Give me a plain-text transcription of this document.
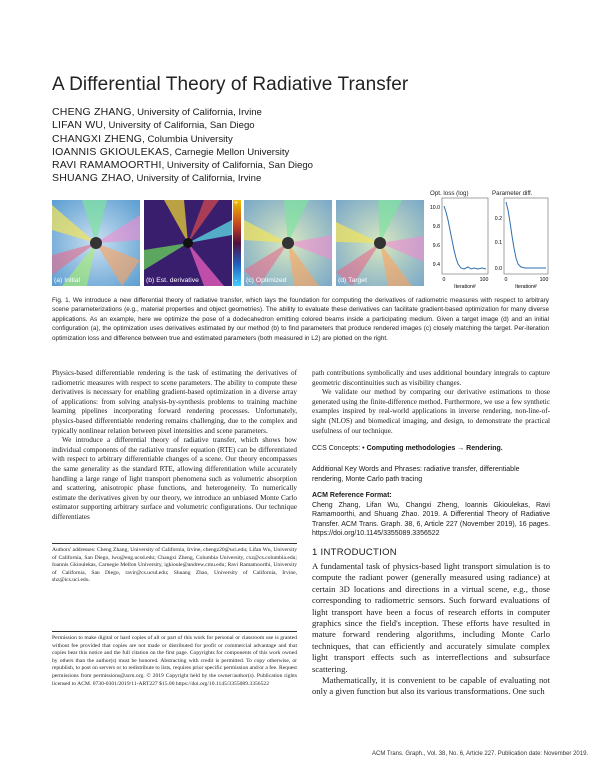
A Differential Theory of Radiative Transfer
CHENG ZHANG, University of California, Irvine
LIFAN WU, University of California, San Diego
CHANGXI ZHENG, Columbia University
IOANNIS GKIOULEKAS, Carnegie Mellon University
RAVI RAMAMOORTHI, University of California, San Diego
SHUANG ZHAO, University of California, Irvine
(a) Initial	(b) Est. derivative
+
- (c) Optimized	(d) Target
Opt. loss (log)
10.0
9.8
9.6
9.4
0	100
Iteration#
Parameter diff.
0.2
0.1
0.0
0	100
Iteration#
Fig. 1. We introduce a new differential theory of radiative transfer, which lays the foundation for computing the derivatives of radiometric measures with respect to arbitrary scene parameterizations (e.g., material properties and object geometries). The ability to evaluate these derivatives can facilitate gradient-based optimization for many diverse applications. As an example, here we optimize the pose of a dodecahedron emitting colored beams inside a participating medium. Given a target image (d) and an initial configuration (a), the optimization uses derivatives estimated by our method (b) to find parameters that produce rendered images (c) closely matching the target. Per-iteration optimization loss and difference between true and estimated parameters (both measured in L2) are plotted on the right.

Physics-based differentiable rendering is the task of estimating the derivatives of radiometric measures with respect to scene parameters. The ability to compute these derivatives is necessary for enabling gradient-based optimization in a diverse array of applications: from solving analysis-by-synthesis problems to training machine learning pipelines incorporating forward rendering processes. Unfortunately, physics-based differentiable rendering remains challenging, due to the complex and typically nonlinear relation between pixel intensities and scene parameters.

We introduce a differential theory of radiative transfer, which shows how individual components of the radiative transfer equation (RTE) can be differentiated with respect to arbitrary differentiable changes of a scene. Our theory encompasses the same generality as the standard RTE, allowing differentiation while accurately handling a large range of light transport phenomena such as volumetric absorption and scattering, anisotropic phase functions, and heterogeneity. To numerically estimate the derivatives given by our theory, we introduce an unbiased Monte Carlo estimator supporting arbitrary surface and volumetric configurations. Our technique differentiates

path contributions symbolically and uses additional boundary integrals to capture geometric discontinuities such as visibility changes.

We validate our method by comparing our derivative estimations to those generated using the finite-difference method. Furthermore, we use a few synthetic examples inspired by real-world applications in inverse rendering, non-line-of-sight (NLOS) and biomedical imaging, and design, to demonstrate the practical usefulness of our technique.

CCS Concepts: • Computing methodologies → Rendering.
Additional Key Words and Phrases: radiative transfer, differentiable rendering, Monte Carlo path tracing
ACM Reference Format:
Cheng Zhang, Lifan Wu, Changxi Zheng, Ioannis Gkioulekas, Ravi Ramamoorthi, and Shuang Zhao. 2019. A Differential Theory of Radiative Transfer. ACM Trans. Graph. 38, 6, Article 227 (November 2019), 16 pages. https://doi.org/10.1145/3355089.3356522
Authors' addresses: Cheng Zhang, University of California, Irvine, chengz20@uci.edu; Lifan Wu, University of California, San Diego, lwu@eng.ucsd.edu; Changxi Zheng, Columbia University, cxz@cs.columbia.edu; Ioannis Gkioulekas, Carnegie Mellon University, igkioule@andrew.cmu.edu; Ravi Ramamoorthi, University of California, San Diego, ravir@cs.ucsd.edu; Shuang Zhao, University of California, Irvine, shz@ics.uci.edu.
Permission to make digital or hard copies of all or part of this work for personal or classroom use is granted without fee provided that copies are not made or distributed for profit or commercial advantage and that copies bear this notice and the full citation on the first page. Copyrights for components of this work owned by others than the author(s) must be honored. Abstracting with credit is permitted. To copy otherwise, or republish, to post on servers or to redistribute to lists, requires prior specific permission and/or a fee. Request permissions from permissions@acm.org. © 2019 Copyright held by the owner/author(s). Publication rights licensed to ACM. 0730-0301/2019/11-ART227 $15.00 https://doi.org/10.1145/3355089.3356522
1 INTRODUCTION

A fundamental task of physics-based light transport simulation is to compute the radiant power (generally measured using radiance) at certain 3D locations and directions in a virtual scene, e.g., those corresponding to radiometric sensors. Such forward evaluations of light transport have been a focus of research efforts in computer graphics since the field's inception. These efforts have resulted in mature forward rendering algorithms, including Monte Carlo techniques, that can efficiently and accurately simulate complex light transport effects such as interreflections and subsurface scattering.

Mathematically, it is convenient to be capable of evaluating not only a given function but also its various transformations. One such

ACM Trans. Graph., Vol. 38, No. 6, Article 227. Publication date: November 2019.
